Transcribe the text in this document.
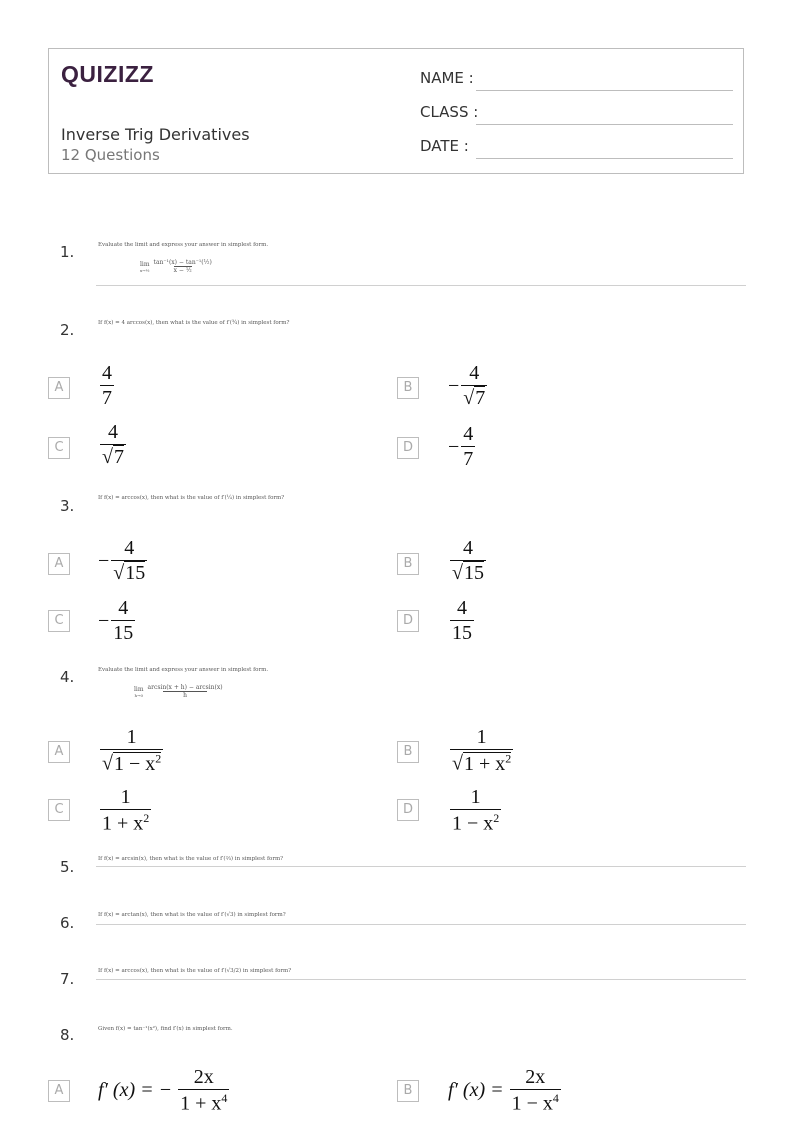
QUIZIZZ
Inverse Trig Derivatives
12 Questions
NAME :
CLASS :
DATE :
1.	Evaluate the limit and express your answer in simplest form.
lim
x→½ $\frac{\text{tan⁻¹(x) − tan⁻¹(½)}}{\text{x − ½}}$
2.	If f(x) = 4 arccos(x), then what is the value of f′(¾) in simplest form?
A	$\frac{4}{7}$	B	− $\frac{4}{√7}$
C	$\frac{4}{√7}$	D	− $\frac{4}{7}$
3.	If f(x) = arccos(x), then what is the value of f′(¼) in simplest form?
A	− $\frac{4}{√15}$	B	$\frac{4}{√15}$
C	− $\frac{4}{15}$	D	$\frac{4}{15}$
4.	Evaluate the limit and express your answer in simplest form.
lim
$h\to 0 \frac{\arcsin(x + h) - \arcsin(x)}{h}$
A	$\frac{1}{√1 - x^2}$	B	$\frac{1}{√1 + x^2}$
C	$\frac{1}{1 + x^2}$	D	$\frac{1}{1 - x^2}$
5.	If f(x) = arcsin(x), then what is the value of f′(⅔) in simplest form?
6.	If f(x) = arctan(x), then what is the value of f′(√3) in simplest form?
7.	If f(x) = arccos(x), then what is the value of f′(√3/2) in simplest form?
8.	Given f(x) = tan⁻¹(x²), find f′(x) in simplest form.
A	f′ (x) = − $\frac{2x}{1 + x^4}$	B	f′ $(x) = \frac{2x}{1 - x^4}$
